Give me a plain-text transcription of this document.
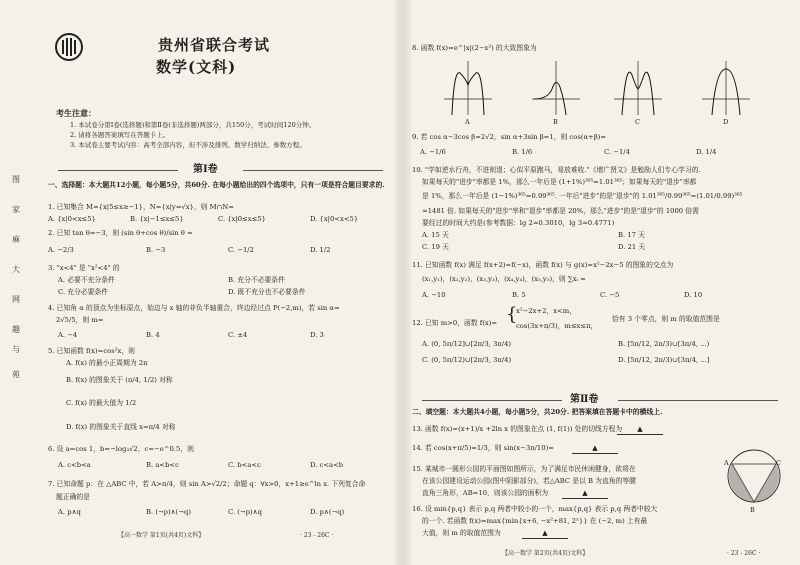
图
家
麻
大
网
趣
与
苑
贵州省联合考试
数学(文科)
考生注意：
1. 本试卷分第Ⅰ卷(选择题)和第Ⅱ卷(非选择题)两部分，共150分，考试时间120分钟。
2. 请将各题答案填写在答题卡上。
3. 本试卷主要考试内容：高考全部内容，但不涉及排列、数学归纳法、参数方程。
第Ⅰ卷
一、选择题：本大题共12小题，每小题5分，共60分. 在每小题给出的四个选项中，只有一项是符合题目要求的.
1. 已知集合 M={x|5≤x≥−1}，N={x|y=√x}，则 M∩N=
A. {x|0<x≤5}	B. {x|−1≤x≤5}	C. {x|0≤x≤5}	D. {x|0<x<5}
2. 已知 tan θ=−3，则 (sin θ+cos θ)/sin θ =
A. −2/3	B. −3	C. −1/2	D. 1/2
3. "x<4" 是 "x²<4" 的
A. 必要不充分条件	B. 充分不必要条件
C. 充分必要条件	D. 既不充分也不必要条件
4. 已知角 α 的顶点为坐标原点，始边与 x 轴的非负半轴重合，终边经过点 P(−2,m)，若 sin α=
2√5/5，则 m=
A. −4	B. 4	C. ±4	D. 3
5. 已知函数 f(x)=cos²x，则
A. f(x) 的最小正周期为 2π
B. f(x) 的图象关于 (π/4, 1/2) 对称
C. f(x) 的最大值为 1/2
D. f(x) 的图象关于直线 x=π/4 对称
6. 设 a=cos 1，b=−log₃√2，c=−e^0.5，则
A. c<b<a	B. a<b<c	C. b<a<c	D. c<a<b
7. 已知命题 p：在 △ABC 中，若 A>π/4，则 sin A>√2/2；命题 q：∀x>0，x+1≥e^ln x. 下列复合命
题正确的是
A. p∧q	B. (¬p)∧(¬q)	C. (¬p)∧q	D. p∧(¬q)
【高一数学 第1页(共4页)文科】	· 23 - 26C ·
8. 函数 f(x)=e^|x|(2−x²) 的大致图象为
A	B	C	D
9. 若 cos α−3cos β=2√2，sin α+3sin β=1，则 cos(α+β)=
A. −1/6	B. 1/6	C. −1/4	D. 1/4
10. "学如逆水行舟，不进则退；心似平原跑马，易放难收."《增广贤文》是勉励人们专心学习的.
如果每天的"进步"率都是 1%，那么一年后是 (1+1%)³⁶⁵=1.01³⁶⁵；如果每天的"退步"率都
是 1%，那么一年后是 (1−1%)³⁶⁵=0.99³⁶⁵. 一年后"进步"的是"退步"的 1.01³⁶⁵/0.99³⁶⁵=(1.01/0.99)³⁶⁵
≈1481 倍. 如果每天的"进步"率和"退步"率都是 20%，那么"进步"的是"退步"的 1000 倍需
要经过的时间大约是(参考数据：lg 2≈0.3010，lg 3≈0.4771)
A. 15 天	B. 17 天
C. 19 天	D. 21 天
11. 已知函数 f(x) 满足 f(x+2)=f(−x)，函数 f(x) 与 g(x)=x²−2x−5 的图象的交点为
(x₁,y₁)，(x₂,y₂)，(x₃,y₃)，(x₄,y₄)，(x₅,y₅)，则 ∑xᵢ =
A. −10	B. 5	C. −5	D. 10
12. 已知 m>0，函数 f(x)= {
x²−2x+2，x<m，
cos(3x+π/3)，m≤x≤π，
恰有 3 个零点，则 m 的取值范围是
A. (0, 5π/12]∪[2π/3, 3π/4)	B. [5π/12, 2π/3)∪[3π/4, ...)
C. (0, 5π/12)∪[2π/3, 3π/4)	D. [5π/12, 2π/3)∪[3π/4, ...]
第Ⅱ卷
二、填空题：本大题共4小题，每小题5分，共20分. 把答案填在答题卡中的横线上.
13. 函数 f(x)=(x+1)/x +2ln x 的图象在点 (1, f(1)) 处的切线方程为	▲
14. 若 cos(x+π/5)=1/3，则 sin(x−3π/10)=	▲
15. 某城市一圆形公园的平面图如图所示，为了满足市民休闲健身，欲将在
在该公园建设运动公园(图中阴影部分)，若△ABC 是以 B 为直角的等腰
直角三角形，AB=10，则该公园的面积为	▲
A
B
C
16. 设 min{p,q} 表示 p,q 两者中较小的一个，max{p,q} 表示 p,q 两者中较大
的一个. 若函数 f(x)=max{min{x+6, −x²+81, 2ˣ}} 在 (−2, m) 上有最
大值，则 m 的取值范围为	▲
【高一数学 第2页(共4页)文科】	· 23 - 26C ·
